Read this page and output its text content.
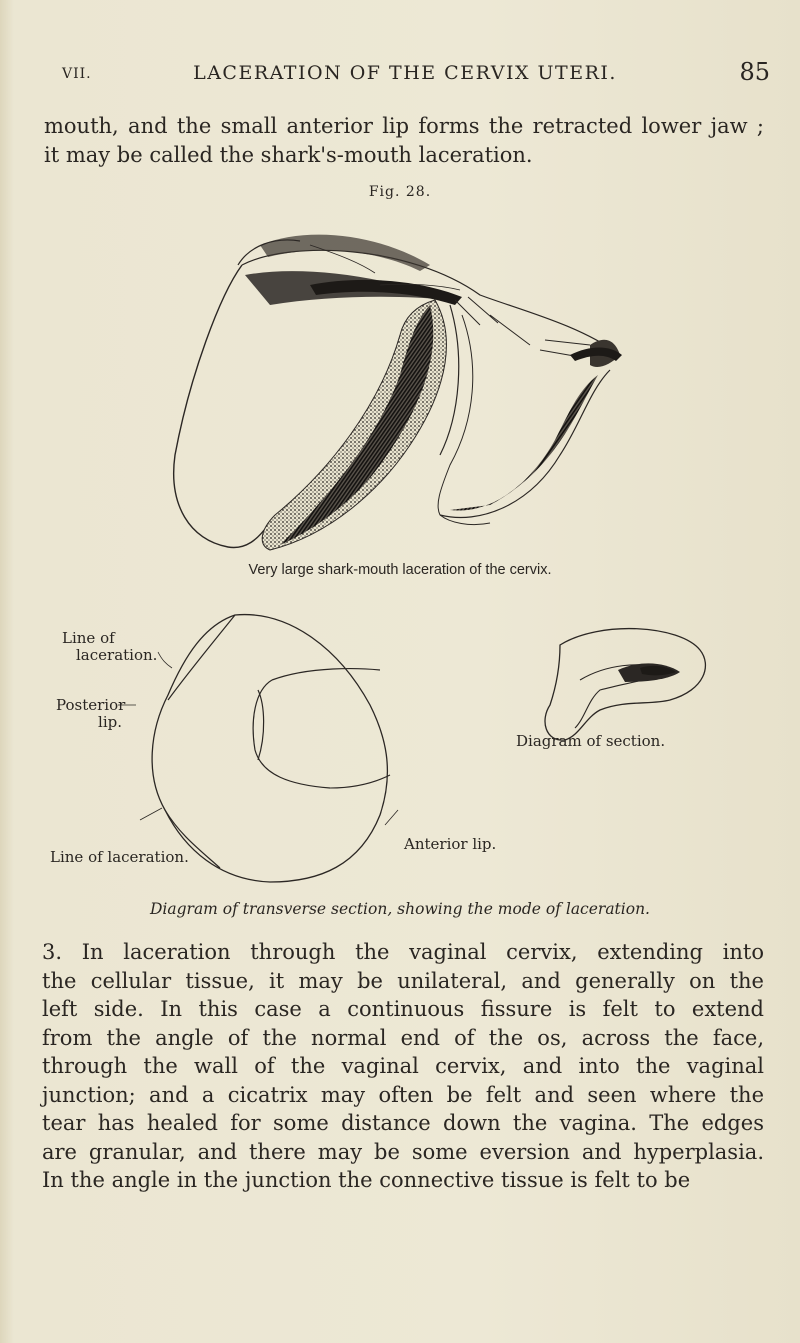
VII.	LACERATION OF THE CERVIX UTERI.	85
mouth, and the small anterior lip forms the retracted lower jaw ;
it may be called the shark's-mouth laceration.
Fig. 28.
Very large shark-mouth laceration of the cervix.
Line of
laceration.
Posterior
lip.
Line of laceration.
Anterior lip.
Diagram of section.
Diagram of transverse section, showing the mode of laceration.
3. In laceration through the vaginal cervix, extending into
the cellular tissue, it may be unilateral, and generally on the
left side. In this case a continuous fissure is felt to extend
from the angle of the normal end of the os, across the face,
through the wall of the vaginal cervix, and into the vaginal
junction; and a cicatrix may often be felt and seen where the
tear has healed for some distance down the vagina. The edges
are granular, and there may be some eversion and hyperplasia.
In the angle in the junction the connective tissue is felt to be
